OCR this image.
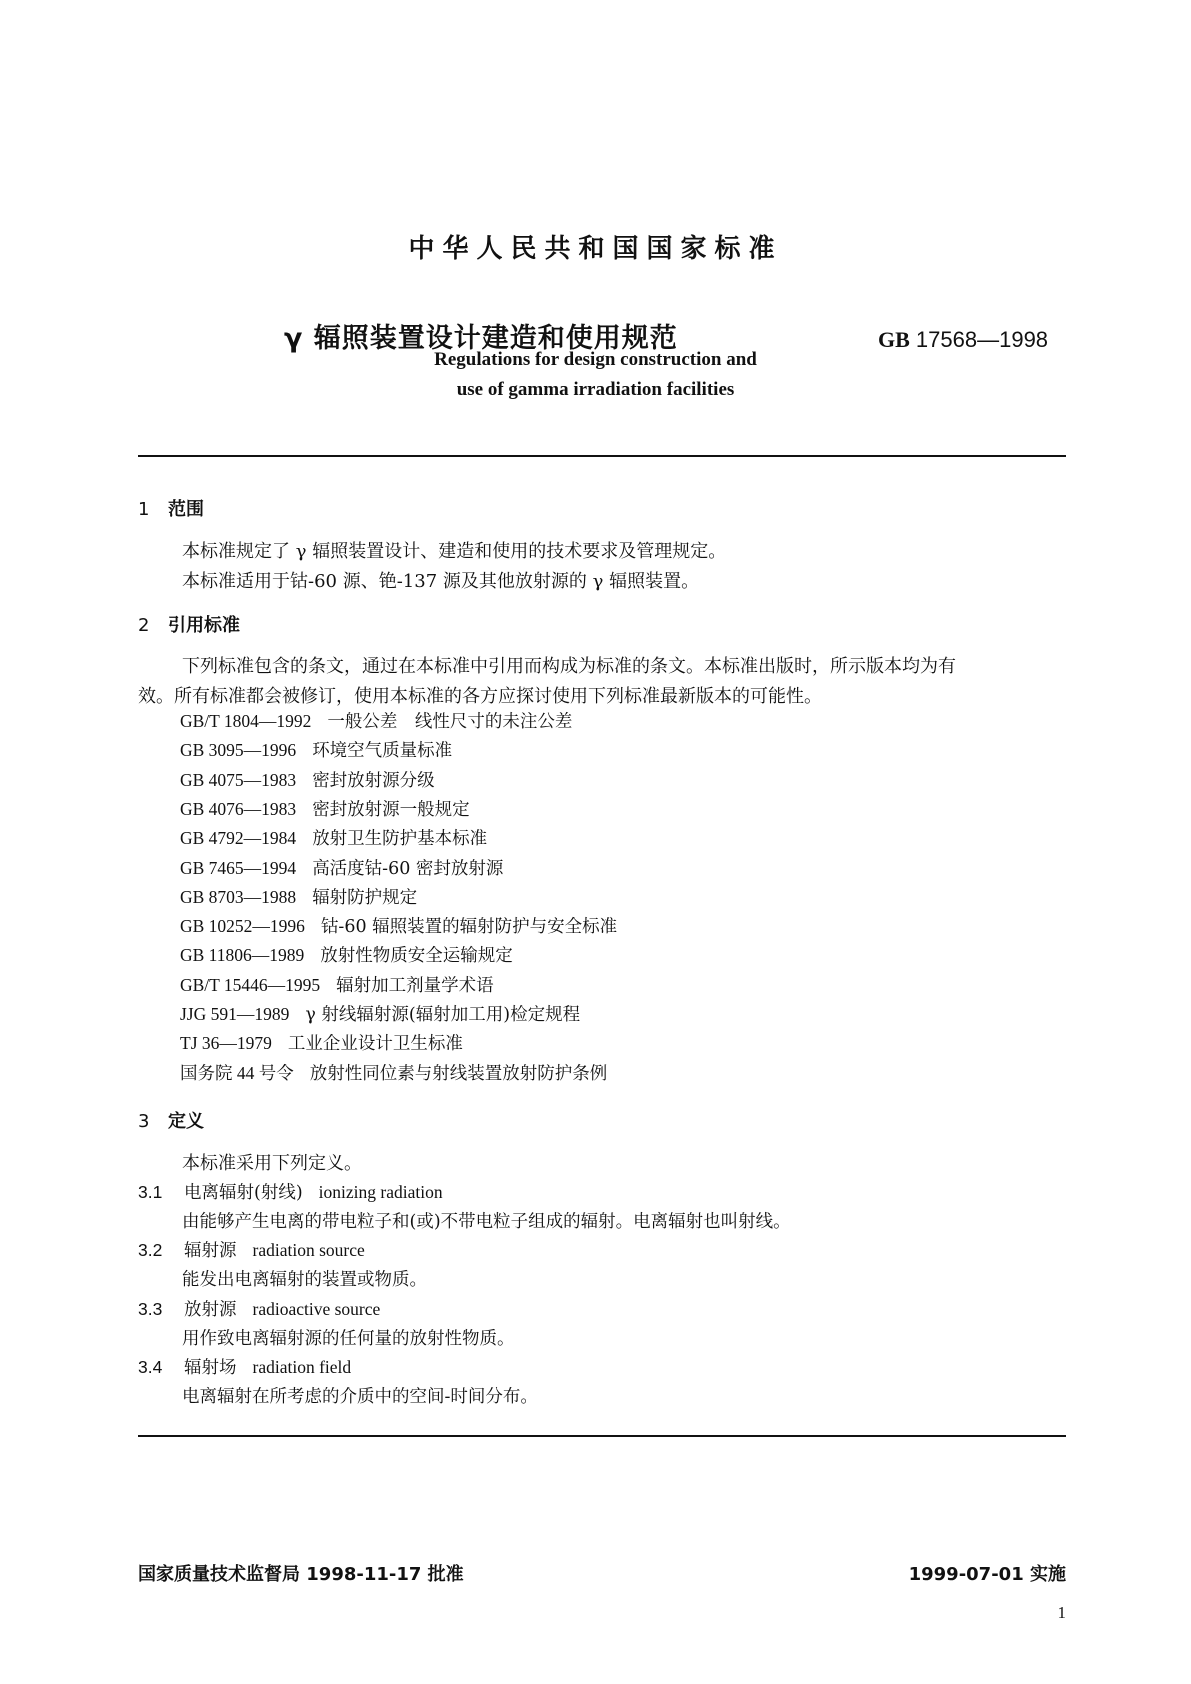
中华人民共和国国家标准
γ 辐照装置设计建造和使用规范	GB 17568—1998
Regulations for design construction and
use of gamma irradiation facilities
1 范围
本标准规定了 γ 辐照装置设计、建造和使用的技术要求及管理规定。
本标准适用于钴-60 源、铯-137 源及其他放射源的 γ 辐照装置。
2 引用标准
下列标准包含的条文，通过在本标准中引用而构成为标准的条文。本标准出版时，所示版本均为有
效。所有标准都会被修订，使用本标准的各方应探讨使用下列标准最新版本的可能性。
GB/T 1804—1992 一般公差　线性尺寸的未注公差
GB 3095—1996 环境空气质量标准
GB 4075—1983 密封放射源分级
GB 4076—1983 密封放射源一般规定
GB 4792—1984 放射卫生防护基本标准
GB 7465—1994 高活度钴-60 密封放射源
GB 8703—1988 辐射防护规定
GB 10252—1996 钴-60 辐照装置的辐射防护与安全标准
GB 11806—1989 放射性物质安全运输规定
GB/T 15446—1995 辐射加工剂量学术语
JJG 591—1989 γ 射线辐射源(辐射加工用)检定规程
TJ 36—1979 工业企业设计卫生标准
国务院 44 号令 放射性同位素与射线装置放射防护条例
3 定义
本标准采用下列定义。
3.1 电离辐射(射线) ionizing radiation
由能够产生电离的带电粒子和(或)不带电粒子组成的辐射。电离辐射也叫射线。
3.2 辐射源 radiation source
能发出电离辐射的装置或物质。
3.3 放射源 radioactive source
用作致电离辐射源的任何量的放射性物质。
3.4 辐射场 radiation field
电离辐射在所考虑的介质中的空间-时间分布。
国家质量技术监督局 1998-11-17 批准	1999-07-01 实施
1
